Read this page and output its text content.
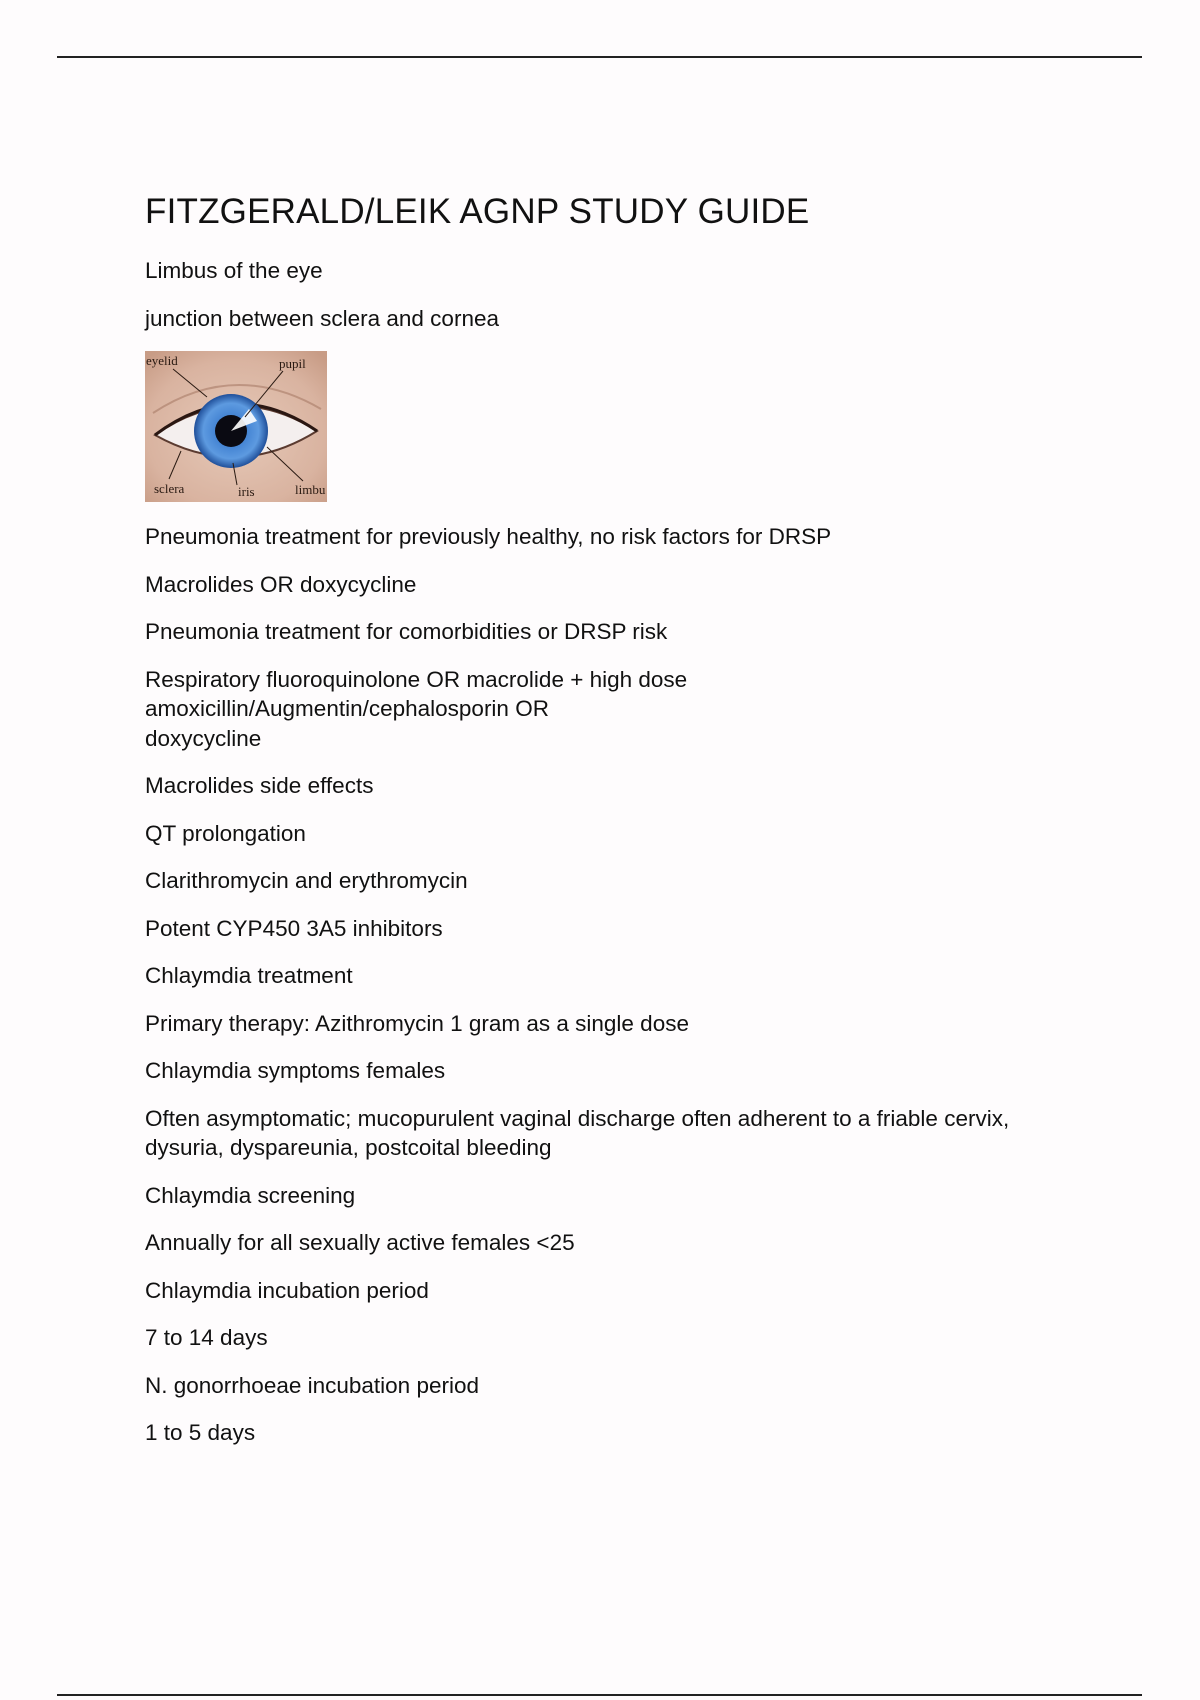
FITZGERALD/LEIK AGNP STUDY GUIDE

Limbus of the eye

junction between sclera and cornea

eyelid	pupil
sclera	iris	limbu

Pneumonia treatment for previously healthy, no risk factors for DRSP

Macrolides OR doxycycline

Pneumonia treatment for comorbidities or DRSP risk

Respiratory fluoroquinolone OR macrolide + high dose
amoxicillin/Augmentin/cephalosporin OR
doxycycline

Macrolides side effects

QT prolongation

Clarithromycin and erythromycin

Potent CYP450 3A5 inhibitors

Chlaymdia treatment

Primary therapy: Azithromycin 1 gram as a single dose

Chlaymdia symptoms females

Often asymptomatic; mucopurulent vaginal discharge often adherent to a friable cervix,
dysuria, dyspareunia, postcoital bleeding

Chlaymdia screening

Annually for all sexually active females <25

Chlaymdia incubation period

7 to 14 days

N. gonorrhoeae incubation period

1 to 5 days
